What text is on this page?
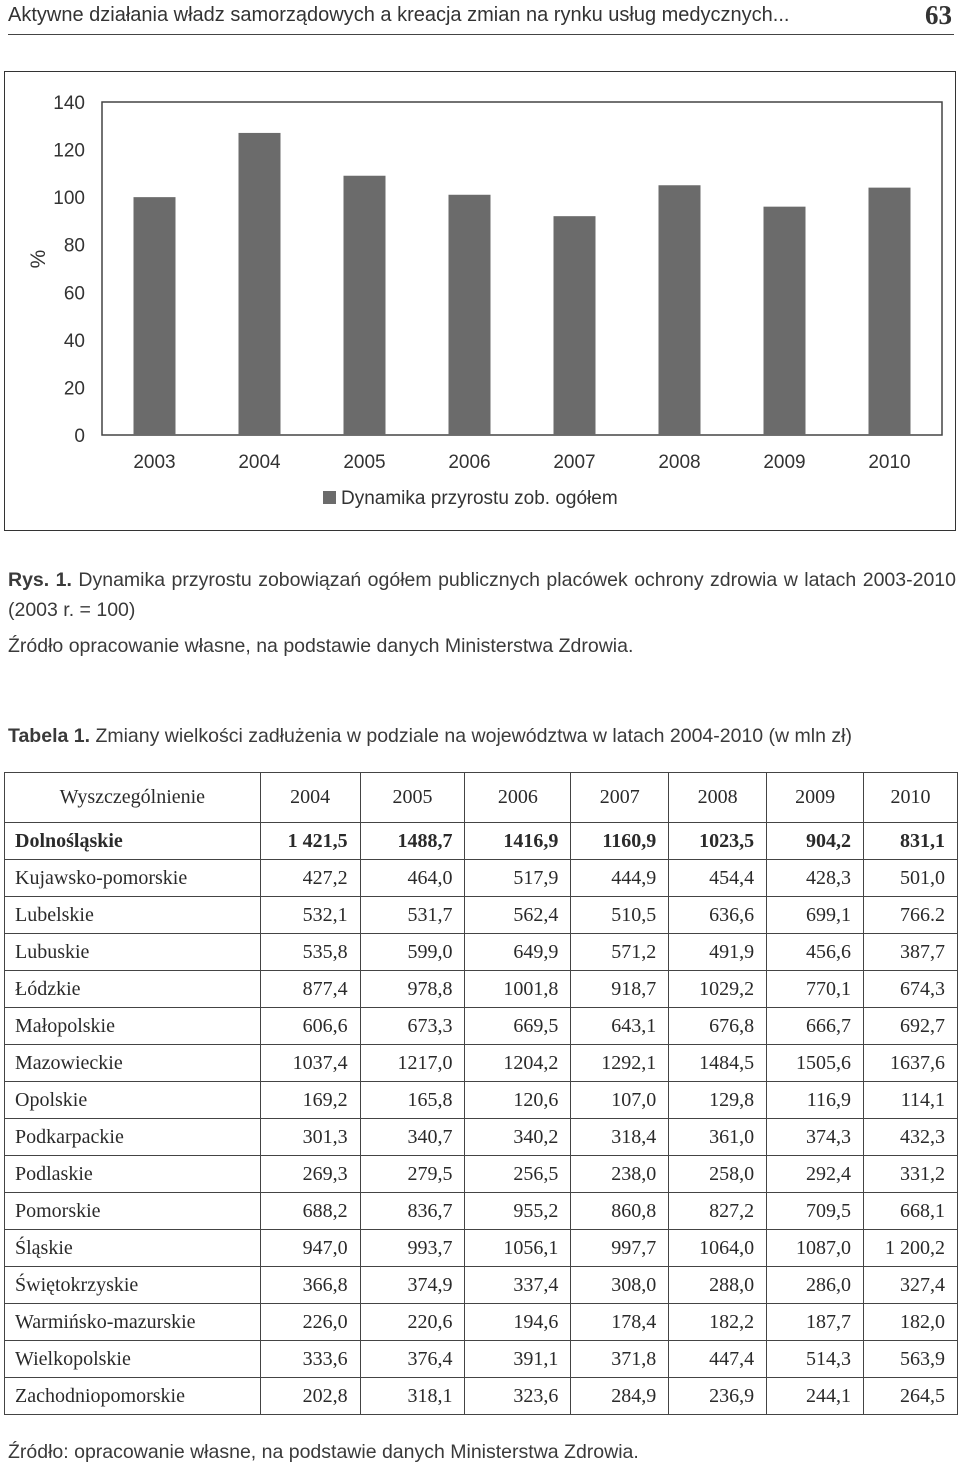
Aktywne działania władz samorządowych a kreacja zmian na rynku usług medycznych...	63
0
20
40
60
80
100
120
140
%
2003	2004	2005	2006	2007	2008	2009	2010
Dynamika przyrostu zob. ogółem
Rys. 1. Dynamika przyrostu zobowiązań ogółem publicznych placówek ochrony zdrowia w latach 2003-2010 (2003 r. = 100)
Źródło opracowanie własne, na podstawie danych Ministerstwa Zdrowia.
Tabela 1. Zmiany wielkości zadłużenia w podziale na województwa w latach 2004-2010 (w mln zł)
Wyszczególnienie	2004	2005	2006	2007	2008	2009	2010
Dolnośląskie	1 421,5	1488,7	1416,9	1160,9	1023,5	904,2	831,1
Kujawsko-pomorskie	427,2	464,0	517,9	444,9	454,4	428,3	501,0
Lubelskie	532,1	531,7	562,4	510,5	636,6	699,1	766.2
Lubuskie	535,8	599,0	649,9	571,2	491,9	456,6	387,7
Łódzkie	877,4	978,8	1001,8	918,7	1029,2	770,1	674,3
Małopolskie	606,6	673,3	669,5	643,1	676,8	666,7	692,7
Mazowieckie	1037,4	1217,0	1204,2	1292,1	1484,5	1505,6	1637,6
Opolskie	169,2	165,8	120,6	107,0	129,8	116,9	114,1
Podkarpackie	301,3	340,7	340,2	318,4	361,0	374,3	432,3
Podlaskie	269,3	279,5	256,5	238,0	258,0	292,4	331,2
Pomorskie	688,2	836,7	955,2	860,8	827,2	709,5	668,1
Śląskie	947,0	993,7	1056,1	997,7	1064,0	1087,0	1 200,2
Świętokrzyskie	366,8	374,9	337,4	308,0	288,0	286,0	327,4
Warmińsko-mazurskie	226,0	220,6	194,6	178,4	182,2	187,7	182,0
Wielkopolskie	333,6	376,4	391,1	371,8	447,4	514,3	563,9
Zachodniopomorskie	202,8	318,1	323,6	284,9	236,9	244,1	264,5
Źródło: opracowanie własne, na podstawie danych Ministerstwa Zdrowia.
